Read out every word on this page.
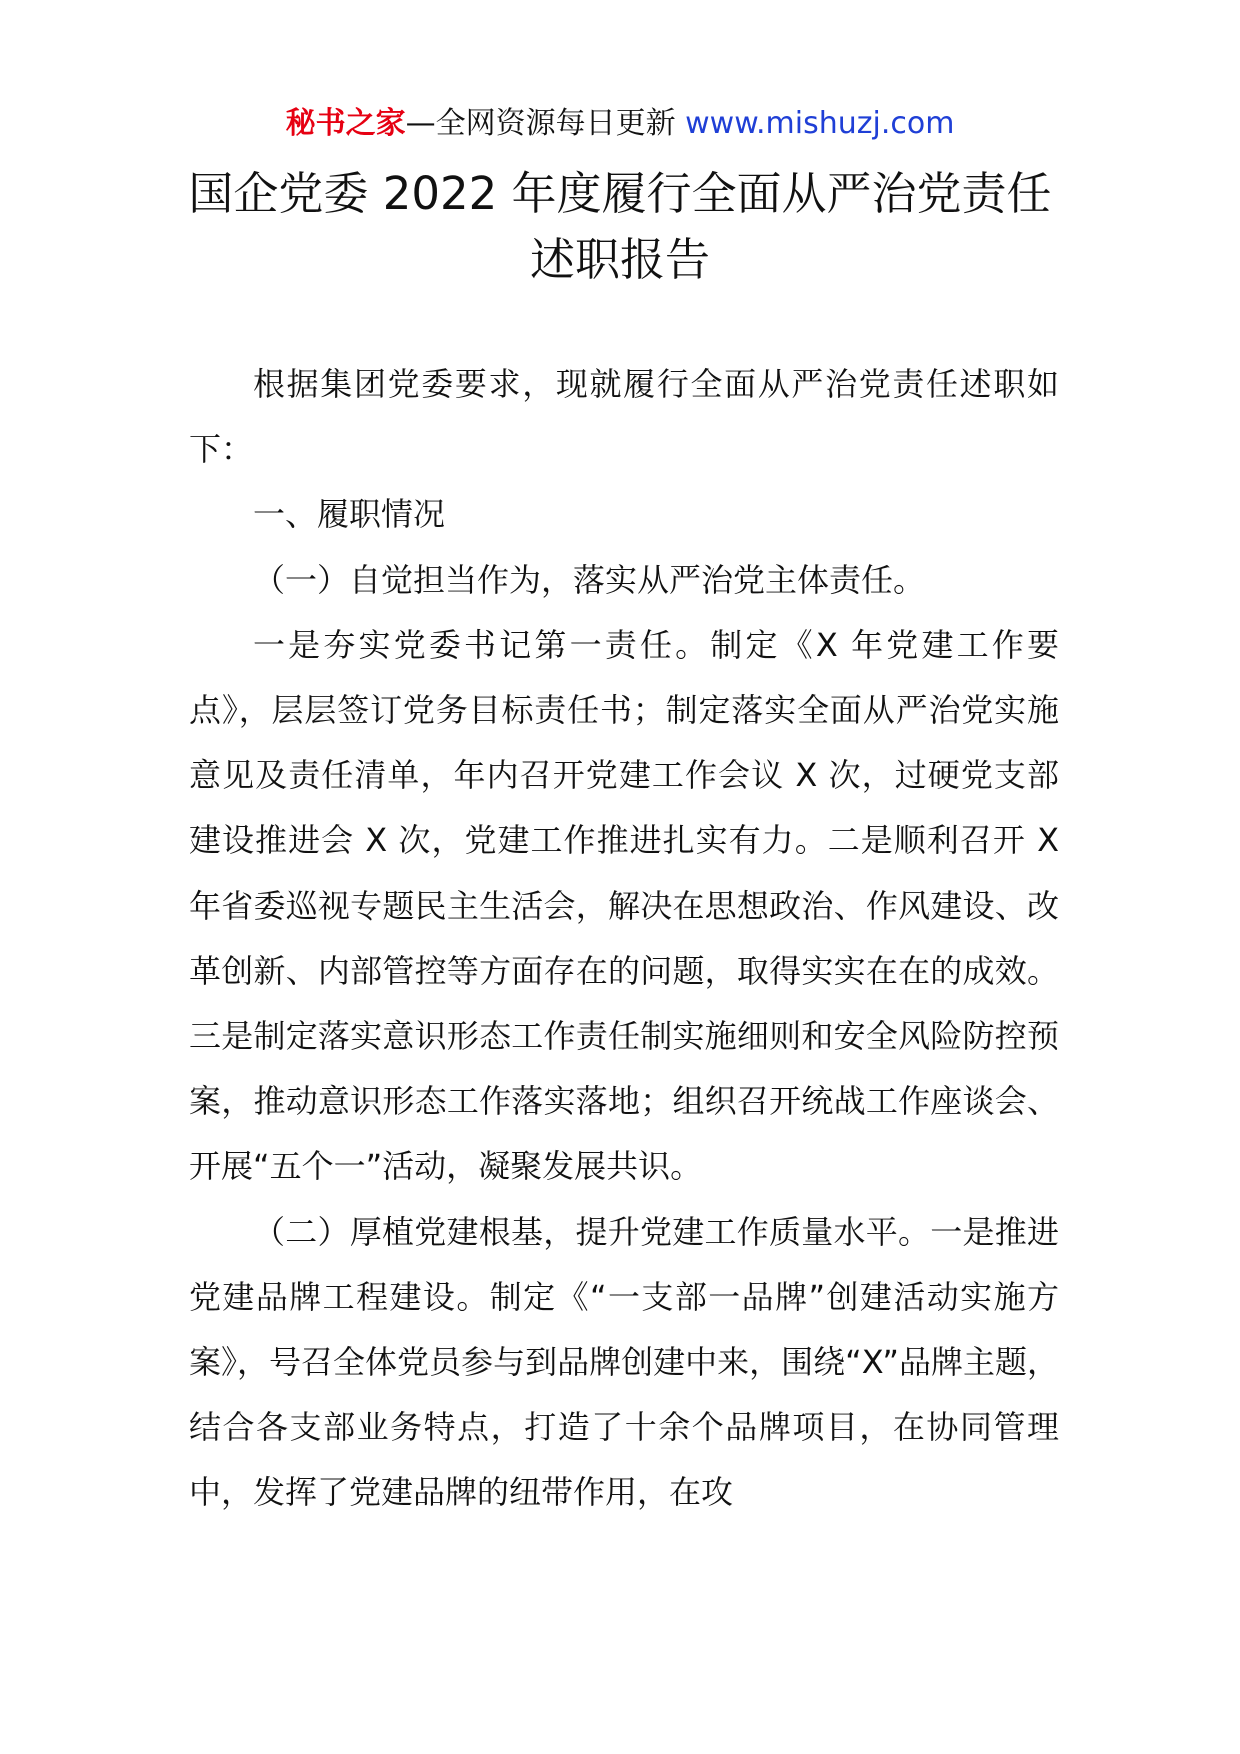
秘书之家—全网资源每日更新 www.mishuzj.com
国企党委 2022 年度履行全面从严治党责任
述职报告

根据集团党委要求，现就履行全面从严治党责任述职如下：

一、履职情况

（一）自觉担当作为，落实从严治党主体责任。

一是夯实党委书记第一责任。制定《X 年党建工作要点》，层层签订党务目标责任书；制定落实全面从严治党实施意见及责任清单，年内召开党建工作会议 X 次，过硬党支部建设推进会 X 次，党建工作推进扎实有力。二是顺利召开 X 年省委巡视专题民主生活会，解决在思想政治、作风建设、改革创新、内部管控等方面存在的问题，取得实实在在的成效。三是制定落实意识形态工作责任制实施细则和安全风险防控预案，推动意识形态工作落实落地；组织召开统战工作座谈会、开展“五个一”活动，凝聚发展共识。

（二）厚植党建根基，提升党建工作质量水平。一是推进党建品牌工程建设。制定《“一支部一品牌”创建活动实施方案》，号召全体党员参与到品牌创建中来，围绕“X”品牌主题，结合各支部业务特点，打造了十余个品牌项目，在协同管理中，发挥了党建品牌的纽带作用，在攻
